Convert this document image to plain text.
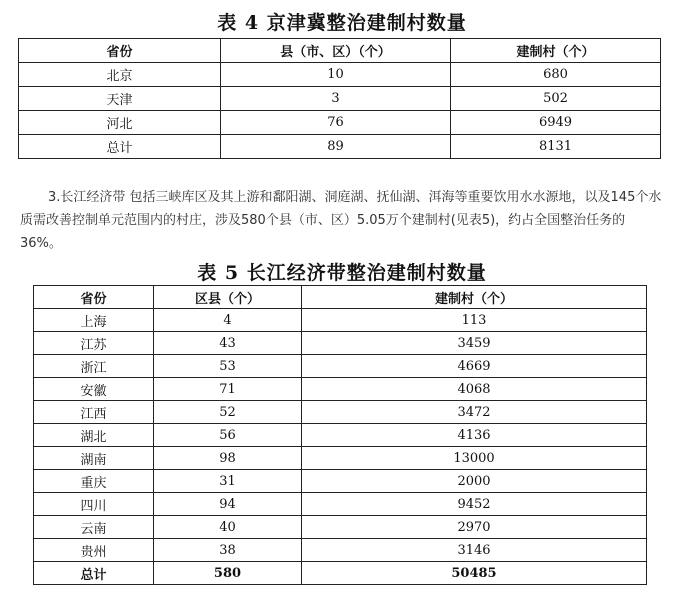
表 4 京津冀整治建制村数量
省份	县（市、区）（个）	建制村（个）
北京	10	680
天津	3	502
河北	76	6949
总计	89	8131
3.长江经济带 包括三峡库区及其上游和鄱阳湖、洞庭湖、抚仙湖、洱海等重要饮用水水源地，以及145个水质需改善控制单元范围内的村庄，涉及580个县（市、区）5.05万个建制村(见表5)，约占全国整治任务的36%。
表 5 长江经济带整治建制村数量
省份	区县（个）	建制村（个）
上海	4	113
江苏	43	3459
浙江	53	4669
安徽	71	4068
江西	52	3472
湖北	56	4136
湖南	98	13000
重庆	31	2000
四川	94	9452
云南	40	2970
贵州	38	3146
总计	580	50485
